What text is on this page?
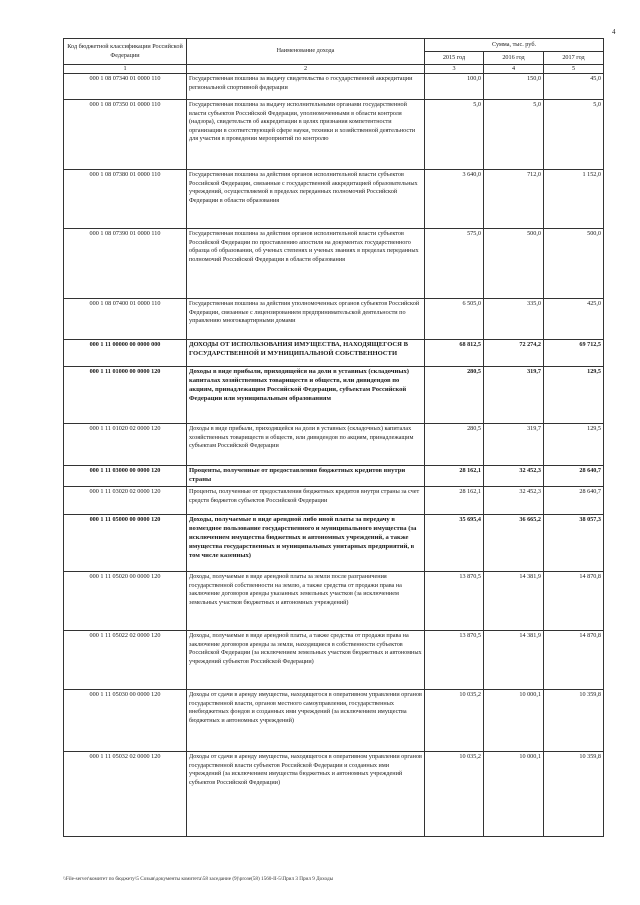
4
Код бюджетной классификации Российской Федерации	Наименование дохода	Сумма, тыс. руб.		
		2015 год	2016 год	2017 год
1	2	3	4	5
000 1 08 07340 01 0000 110	Государственная пошлина за выдачу свидетельства о государственной аккредитации региональной спортивной федерации	100,0	150,0	45,0
000 1 08 07350 01 0000 110	Государственная пошлина за выдачу исполнительными органами государственной власти субъектов Российской Федерации, уполномоченными в области контроля (надзора), свидетельств об аккредитации в целях признания компетентности организации в соответствующей сфере науки, техники и хозяйственной деятельности для участия в проведении мероприятий по контролю	5,0	5,0	5,0
000 1 08 07380 01 0000 110	Государственная пошлина за действия органов исполнительной власти субъектов Российской Федерации, связанные с государственной аккредитацией образовательных учреждений, осуществляемой в пределах переданных полномочий Российской Федерации в области образования	3 640,0	712,0	1 152,0
000 1 08 07390 01 0000 110	Государственная пошлина за действия органов исполнительной власти субъектов Российской Федерации по проставлению апостиля на документах государственного образца об образовании, об ученых степенях и ученых званиях в пределах переданных полномочий Российской Федерации в области образования	575,0	500,0	500,0
000 1 08 07400 01 0000 110	Государственная пошлина за действия уполномоченных органов субъектов Российской Федерации, связанные с лицензированием предпринимательской деятельности по управлению многоквартирными домами	6 505,0	335,0	425,0
000 1 11 00000 00 0000 000	ДОХОДЫ ОТ ИСПОЛЬЗОВАНИЯ ИМУЩЕСТВА, НАХОДЯЩЕГОСЯ В ГОСУДАРСТВЕННОЙ И МУНИЦИПАЛЬНОЙ СОБСТВЕННОСТИ	68 812,5	72 274,2	69 712,5
000 1 11 01000 00 0000 120	Доходы в виде прибыли, приходящейся на доли в уставных (складочных) капиталах хозяйственных товариществ и обществ, или дивидендов по акциям, принадлежащим Российской Федерации, субъектам Российской Федерации или муниципальным образованиям	280,5	319,7	129,5
000 1 11 01020 02 0000 120	Доходы в виде прибыли, приходящейся на доли в уставных (складочных) капиталах хозяйственных товариществ и обществ, или дивидендов по акциям, принадлежащим субъектам Российской Федерации	280,5	319,7	129,5
000 1 11 03000 00 0000 120	Проценты, полученные от предоставления бюджетных кредитов внутри страны	28 162,1	32 452,3	28 640,7
000 1 11 03020 02 0000 120	Проценты, полученные от предоставления бюджетных кредитов внутри страны за счет средств бюджетов субъектов Российской Федерации	28 162,1	32 452,3	28 640,7
000 1 11 05000 00 0000 120	Доходы, получаемые в виде арендной либо иной платы за передачу в возмездное пользование государственного и муниципального имущества (за исключением имущества бюджетных и автономных учреждений, а также имущества государственных и муниципальных унитарных предприятий, в том числе казенных)	35 695,4	36 665,2	38 057,3
000 1 11 05020 00 0000 120	Доходы, получаемые в виде арендной платы за земли после разграничения государственной собственности на землю, а также средства от продажи права на заключение договоров аренды указанных земельных участков (за исключением земельных участков бюджетных и автономных учреждений)	13 870,5	14 381,9	14 870,8
000 1 11 05022 02 0000 120	Доходы, получаемые в виде арендной платы, а также средства от продажи права на заключение договоров аренды за земли, находящиеся в собственности субъектов Российской Федерации (за исключением земельных участков бюджетных и автономных учреждений субъектов Российской Федерации)	13 870,5	14 381,9	14 870,8
000 1 11 05030 00 0000 120	Доходы от сдачи в аренду имущества, находящегося в оперативном управлении органов государственной власти, органов местного самоуправления, государственных внебюджетных фондов и созданных ими учреждений (за исключением имущества бюджетных и автономных учреждений)	10 035,2	10 000,1	10 359,8
000 1 11 05032 02 0000 120	Доходы от сдачи в аренду имущества, находящегося в оперативном управлении органов государственной власти субъектов Российской Федерации и созданных ими учреждений (за исключением имущества бюджетных и автономных учреждений субъектов Российской Федерации)	10 035,2	10 000,1	10 359,8
\\File-server\комитет по бюджету\5 Созыв\документы комитета\58 заседание (9)\prозе(58) 1560-II-5\Прил 3 Прил 9 Доходы
